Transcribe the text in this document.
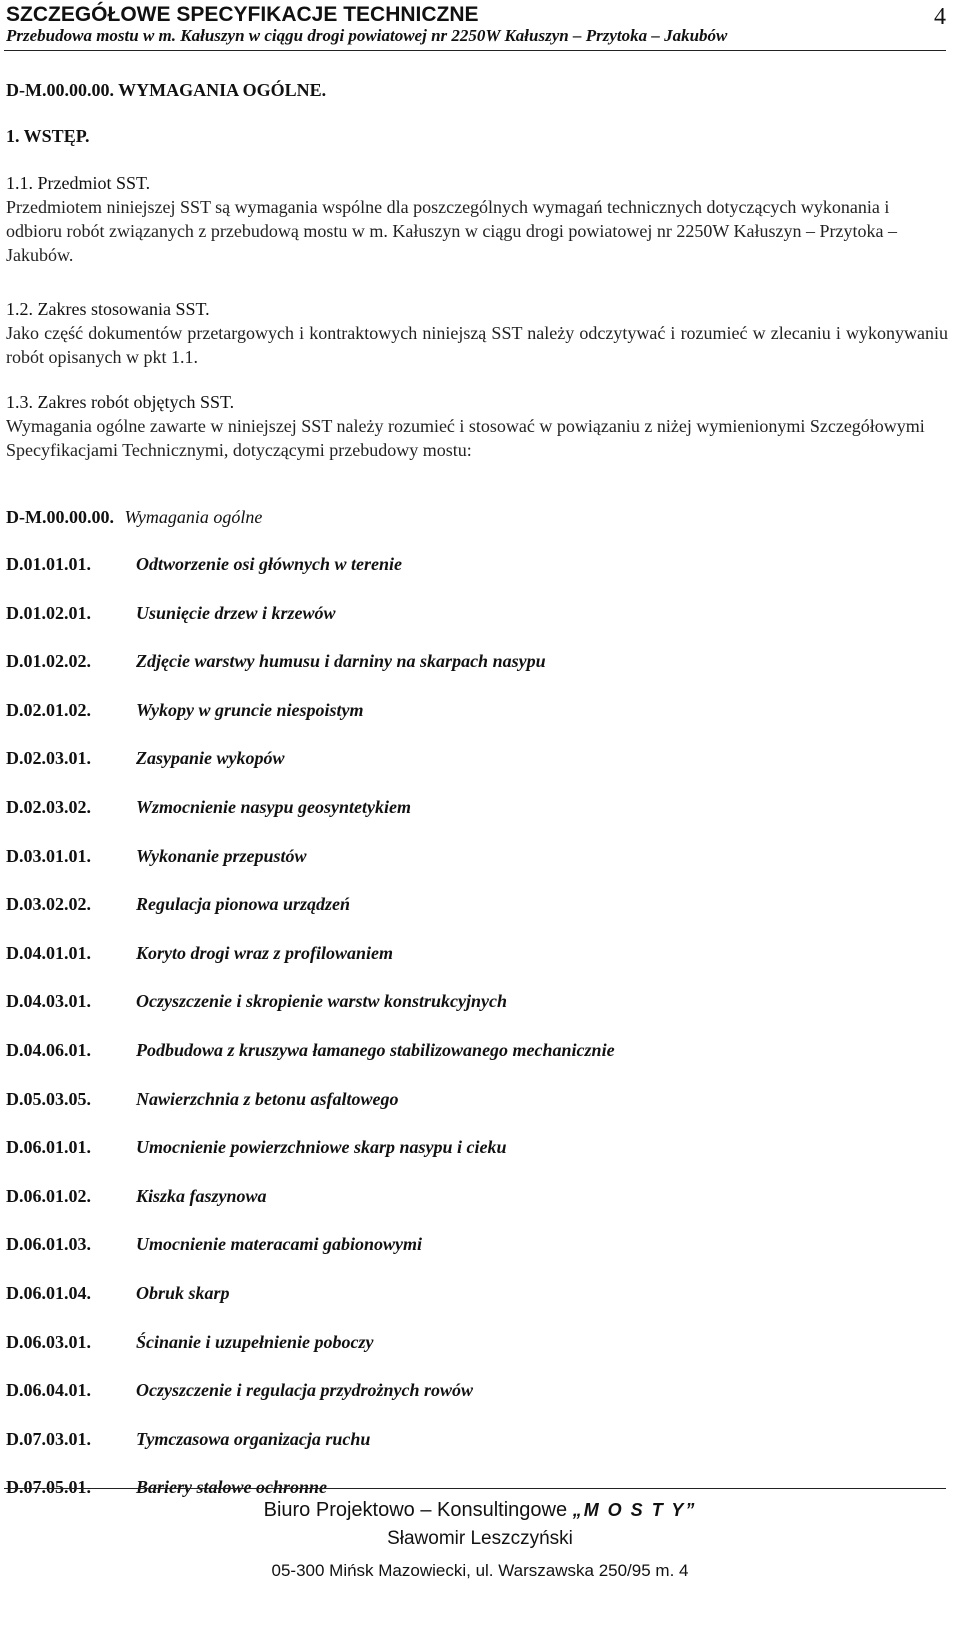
SZCZEGÓŁOWE SPECYFIKACJE TECHNICZNE
Przebudowa mostu w m. Kałuszyn w ciągu drogi powiatowej nr 2250W Kałuszyn – Przytoka – Jakubów
4
D-M.00.00.00. WYMAGANIA OGÓLNE.
1. WSTĘP.
1.1. Przedmiot SST.
Przedmiotem niniejszej SST są wymagania wspólne dla poszczególnych wymagań technicznych dotyczących wykonania i odbioru robót związanych z przebudową mostu w m. Kałuszyn w ciągu drogi powiatowej nr 2250W Kałuszyn – Przytoka – Jakubów.
1.2. Zakres stosowania SST.
Jako część dokumentów przetargowych i kontraktowych niniejszą SST należy odczytywać i rozumieć w zlecaniu i wykonywaniu robót opisanych w pkt 1.1.
1.3. Zakres robót objętych SST.
Wymagania ogólne zawarte w niniejszej SST należy rozumieć i stosować w powiązaniu z niżej wymienionymi Szczegółowymi Specyfikacjami Technicznymi, dotyczącymi przebudowy mostu:
D-M.00.00.00. Wymagania ogólne
D.01.01.01.	Odtworzenie osi głównych w terenie
D.01.02.01.	Usunięcie drzew i krzewów
D.01.02.02.	Zdjęcie warstwy humusu i darniny na skarpach nasypu
D.02.01.02.	Wykopy w gruncie niespoistym
D.02.03.01.	Zasypanie wykopów
D.02.03.02.	Wzmocnienie nasypu geosyntetykiem
D.03.01.01.	Wykonanie przepustów
D.03.02.02.	Regulacja pionowa urządzeń
D.04.01.01.	Koryto drogi wraz z profilowaniem
D.04.03.01.	Oczyszczenie i skropienie warstw konstrukcyjnych
D.04.06.01.	Podbudowa z kruszywa łamanego stabilizowanego mechanicznie
D.05.03.05.	Nawierzchnia z betonu asfaltowego
D.06.01.01.	Umocnienie powierzchniowe skarp nasypu i cieku
D.06.01.02.	Kiszka faszynowa
D.06.01.03.	Umocnienie materacami gabionowymi
D.06.01.04.	Obruk skarp
D.06.03.01.	Ścinanie i uzupełnienie poboczy
D.06.04.01.	Oczyszczenie i regulacja przydrożnych rowów
D.07.03.01.	Tymczasowa organizacja ruchu
D.07.05.01.	Bariery stalowe ochronne
Biuro Projektowo – Konsultingowe „M O S T Y”
Sławomir Leszczyński
05-300 Mińsk Mazowiecki, ul. Warszawska 250/95 m. 4
